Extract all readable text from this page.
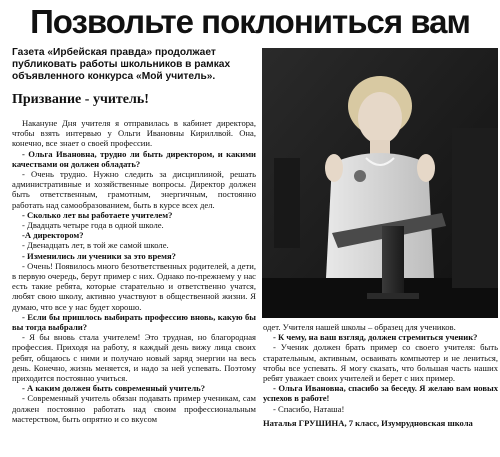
Позвольте поклониться вам
Газета «Ирбейская правда» продолжает публиковать работы школьников в рамках объявленного конкурса «Мой учитель».
Призвание - учитель!

Накануне Дня учителя я отправилась в кабинет директора, чтобы взять интервью у Ольги Ивановны Кириллвой. Она, конечно, все знает о своей профессии.

- Ольга Ивановна, трудно ли быть директором, и какими качествами он должен обладать?

- Очень трудно. Нужно следить за дисциплиной, решать административные и хозяйственные вопросы. Директор должен быть ответственным, грамотным, энергичным, постоянно работать над самообразованием, быть в курсе всех дел.

- Сколько лет вы работаете учителем?

- Двадцать четыре года в одной школе.

-А директором?

- Двенадцать лет, в той же самой школе.

- Изменились ли ученики за это время?

- Очень! Появилось много безответственных родителей, а дети, в первую очередь, берут пример с них. Однако по-прежнему у нас есть такие ребята, которые старательно и ответственно учатся, любят свою школу, активно участвуют в общественной жизни. Я думаю, что все у нас будет хорошо.

- Если бы пришлось выбирать профессию вновь, какую бы вы тогда выбрали?

- Я бы вновь стала учителем! Это трудная, но благородная профессия. Приходя на работу, я каждый день вижу лица своих ребят, общаюсь с ними и получаю новый заряд энергии на весь день. Конечно, жизнь меняется, и надо за ней успевать. Поэтому приходится постоянно учиться.

- А каким должен быть современный учитель?

- Современный учитель обязан подавать пример ученикам, сам должен постоянно работать над своим профессиональным мастерством, быть опрятно и со вкусом

одет. Учителя нашей школы – образец для учеников.

- К чему, на ваш взгляд, должен стремиться ученик?

- Ученик должен брать пример со своего учителя: быть старательным, активным, осваивать компьютер и не лениться, чтобы все успевать. Я могу сказать, что большая часть наших ребят уважает своих учителей и берет с них пример.

- Ольга Ивановна, спасибо за беседу. Я желаю вам новых успехов в работе!

- Спасибо, Наташа!

Наталья ГРУШИНА, 7 класс, Изумрудновская школа
